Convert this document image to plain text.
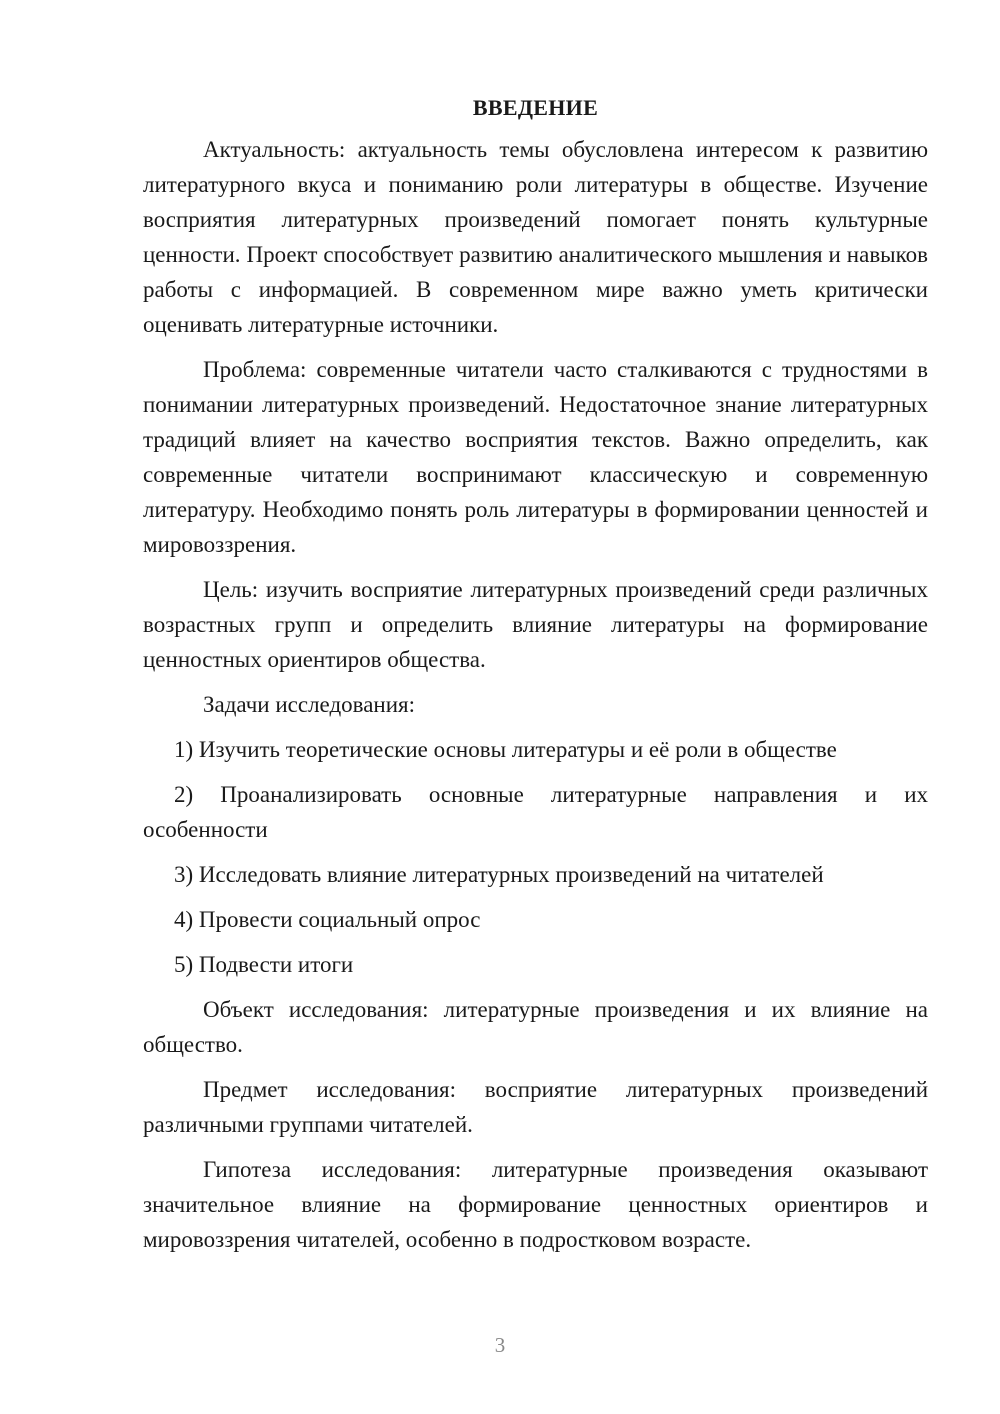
ВВЕДЕНИЕ

Актуальность: актуальность темы обусловлена интересом к развитию литературного вкуса и пониманию роли литературы в обществе. Изучение восприятия литературных произведений помогает понять культурные ценности. Проект способствует развитию аналитического мышления и навыков работы с информацией. В современном мире важно уметь критически оценивать литературные источники.

Проблема: современные читатели часто сталкиваются с трудностями в понимании литературных произведений. Недостаточное знание литературных традиций влияет на качество восприятия текстов. Важно определить, как современные читатели воспринимают классическую и современную литературу. Необходимо понять роль литературы в формировании ценностей и мировоззрения.

Цель: изучить восприятие литературных произведений среди различных возрастных групп и определить влияние литературы на формирование ценностных ориентиров общества.

Задачи исследования:

1) Изучить теоретические основы литературы и её роли в обществе

2) Проанализировать основные литературные направления и их особенности

3) Исследовать влияние литературных произведений на читателей

4) Провести социальный опрос

5) Подвести итоги

Объект исследования: литературные произведения и их влияние на общество.

Предмет исследования: восприятие литературных произведений различными группами читателей.

Гипотеза исследования: литературные произведения оказывают значительное влияние на формирование ценностных ориентиров и мировоззрения читателей, особенно в подростковом возрасте.

3
